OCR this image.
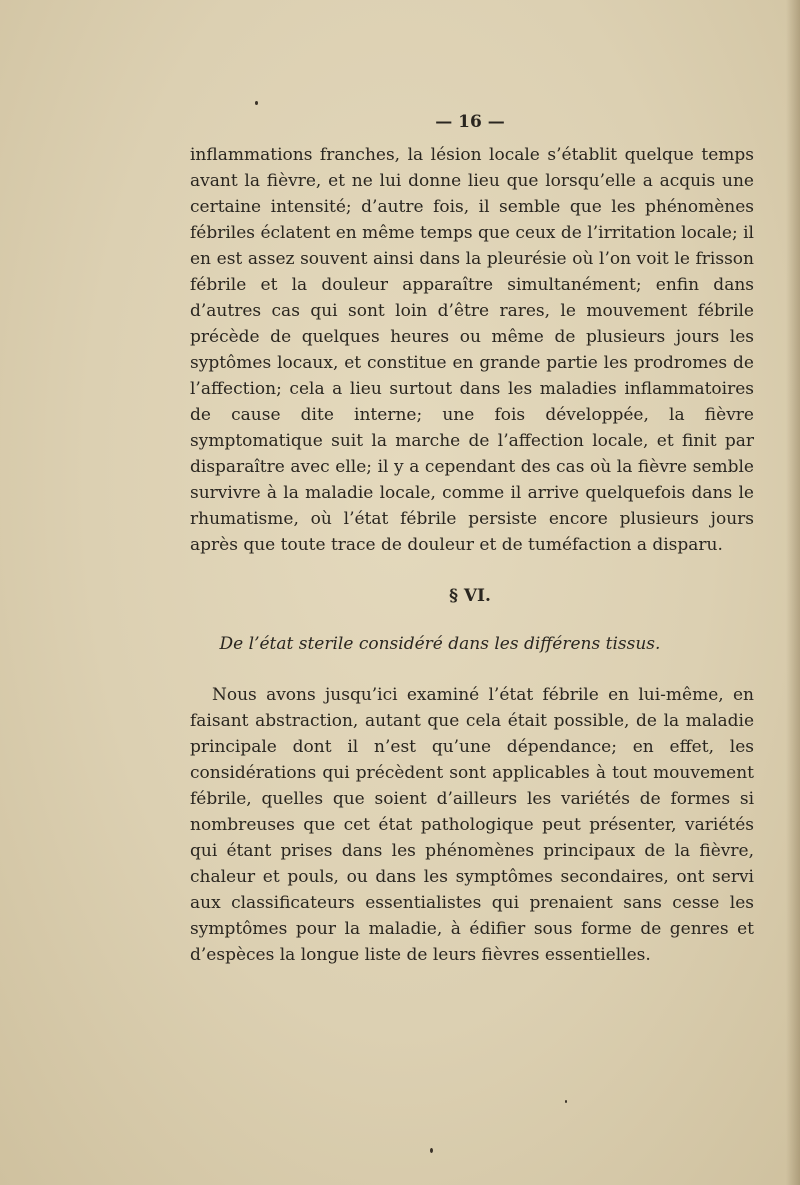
— 16 —

inflammations franches, la lésion locale s’établit quelque temps avant la fièvre, et ne lui donne lieu que lorsqu’elle a acquis une certaine intensité; d’autre fois, il semble que les phénomènes fébriles éclatent en même temps que ceux de l’irritation locale; il en est assez souvent ainsi dans la pleurésie où l’on voit le frisson fébrile et la douleur apparaître simultanément; enfin dans d’autres cas qui sont loin d’être rares, le mouvement fébrile précède de quelques heures ou même de plusieurs jours les syptômes locaux, et constitue en grande partie les prodromes de l’affection; cela a lieu surtout dans les maladies inflammatoires de cause dite interne; une fois développée, la fièvre symptomatique suit la marche de l’affection locale, et finit par disparaître avec elle; il y a cependant des cas où la fièvre semble survivre à la maladie locale, comme il arrive quelquefois dans le rhumatisme, où l’état fébrile persiste encore plusieurs jours après que toute trace de douleur et de tuméfaction a disparu.

§ VI.
De l’état sterile considéré dans les différens tissus.

Nous avons jusqu’ici examiné l’état fébrile en lui-même, en faisant abstraction, autant que cela était possible, de la maladie principale dont il n’est qu’une dépendance; en effet, les considérations qui précèdent sont applicables à tout mouvement fébrile, quelles que soient d’ailleurs les variétés de formes si nombreuses que cet état pathologique peut présenter, variétés qui étant prises dans les phénomènes principaux de la fièvre, chaleur et pouls, ou dans les symptômes secondaires, ont servi aux classificateurs essentialistes qui prenaient sans cesse les symptômes pour la maladie, à édifier sous forme de genres et d’espèces la longue liste de leurs fièvres essentielles.
